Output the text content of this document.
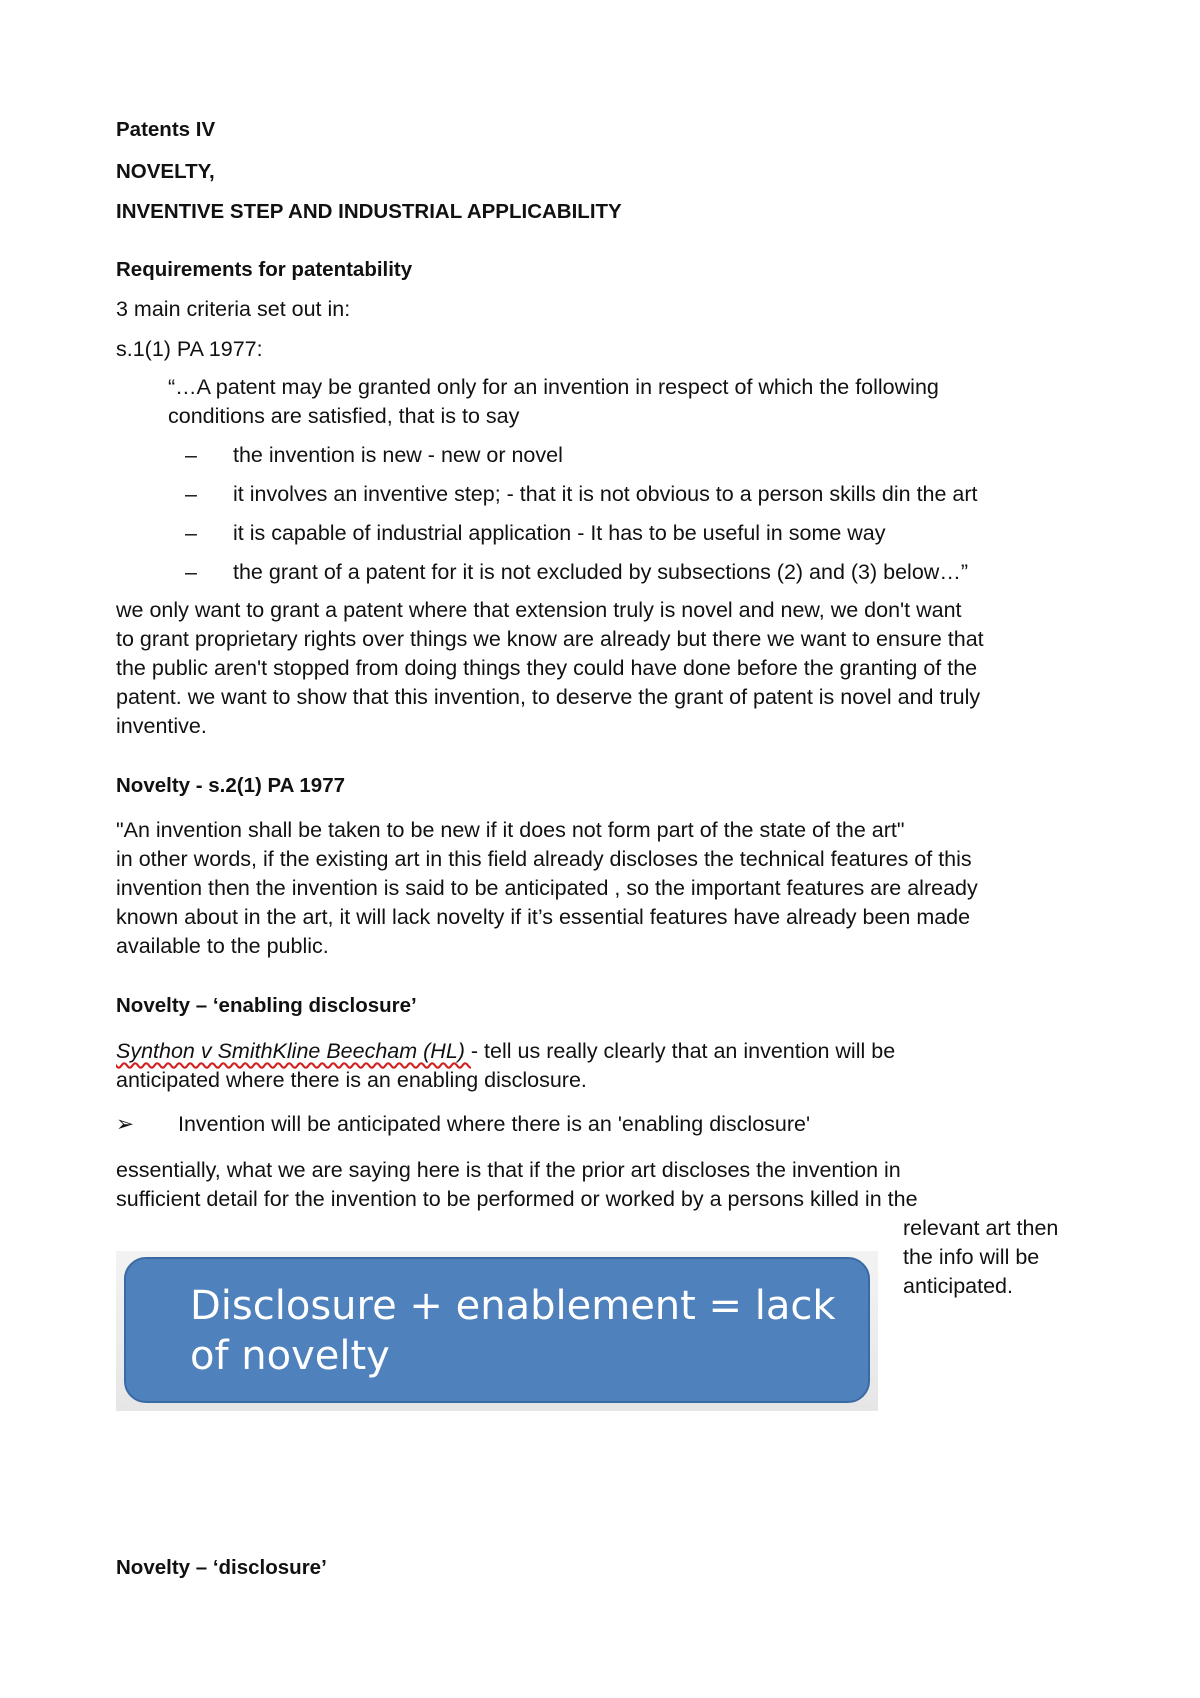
Patents IV

NOVELTY,

INVENTIVE STEP AND INDUSTRIAL APPLICABILITY

Requirements for patentability

3 main criteria set out in:

s.1(1) PA 1977:

“…A patent may be granted only for an invention in respect of which the following

conditions are satisfied, that is to say

– the invention is new - new or novel
– it involves an inventive step; - that it is not obvious to a person skills din the art
– it is capable of industrial application - It has to be useful in some way
– the grant of a patent for it is not excluded by subsections (2) and (3) below…”
we only want to grant a patent where that extension truly is novel and new, we don't want
to grant proprietary rights over things we know are already but there we want to ensure that
the public aren't stopped from doing things they could have done before the granting of the
patent. we want to show that this invention, to deserve the grant of patent is novel and truly
inventive.

Novelty - s.2(1) PA 1977

"An invention shall be taken to be new if it does not form part of the state of the art"
in other words, if the existing art in this field already discloses the technical features of this
invention then the invention is said to be anticipated , so the important features are already
known about in the art, it will lack novelty if it’s essential features have already been made
available to the public.

Novelty – ‘enabling disclosure’

Synthon v SmithKline Beecham (HL) - tell us really clearly that an invention will be

anticipated where there is an enabling disclosure.

➢ Invention will be anticipated where there is an 'enabling disclosure'
essentially, what we are saying here is that if the prior art discloses the invention in
sufficient detail for the invention to be performed or worked by a persons killed in the
Disclosure + enablement = lack of novelty
relevant art then
the info will be
anticipated.

Novelty – ‘disclosure’
